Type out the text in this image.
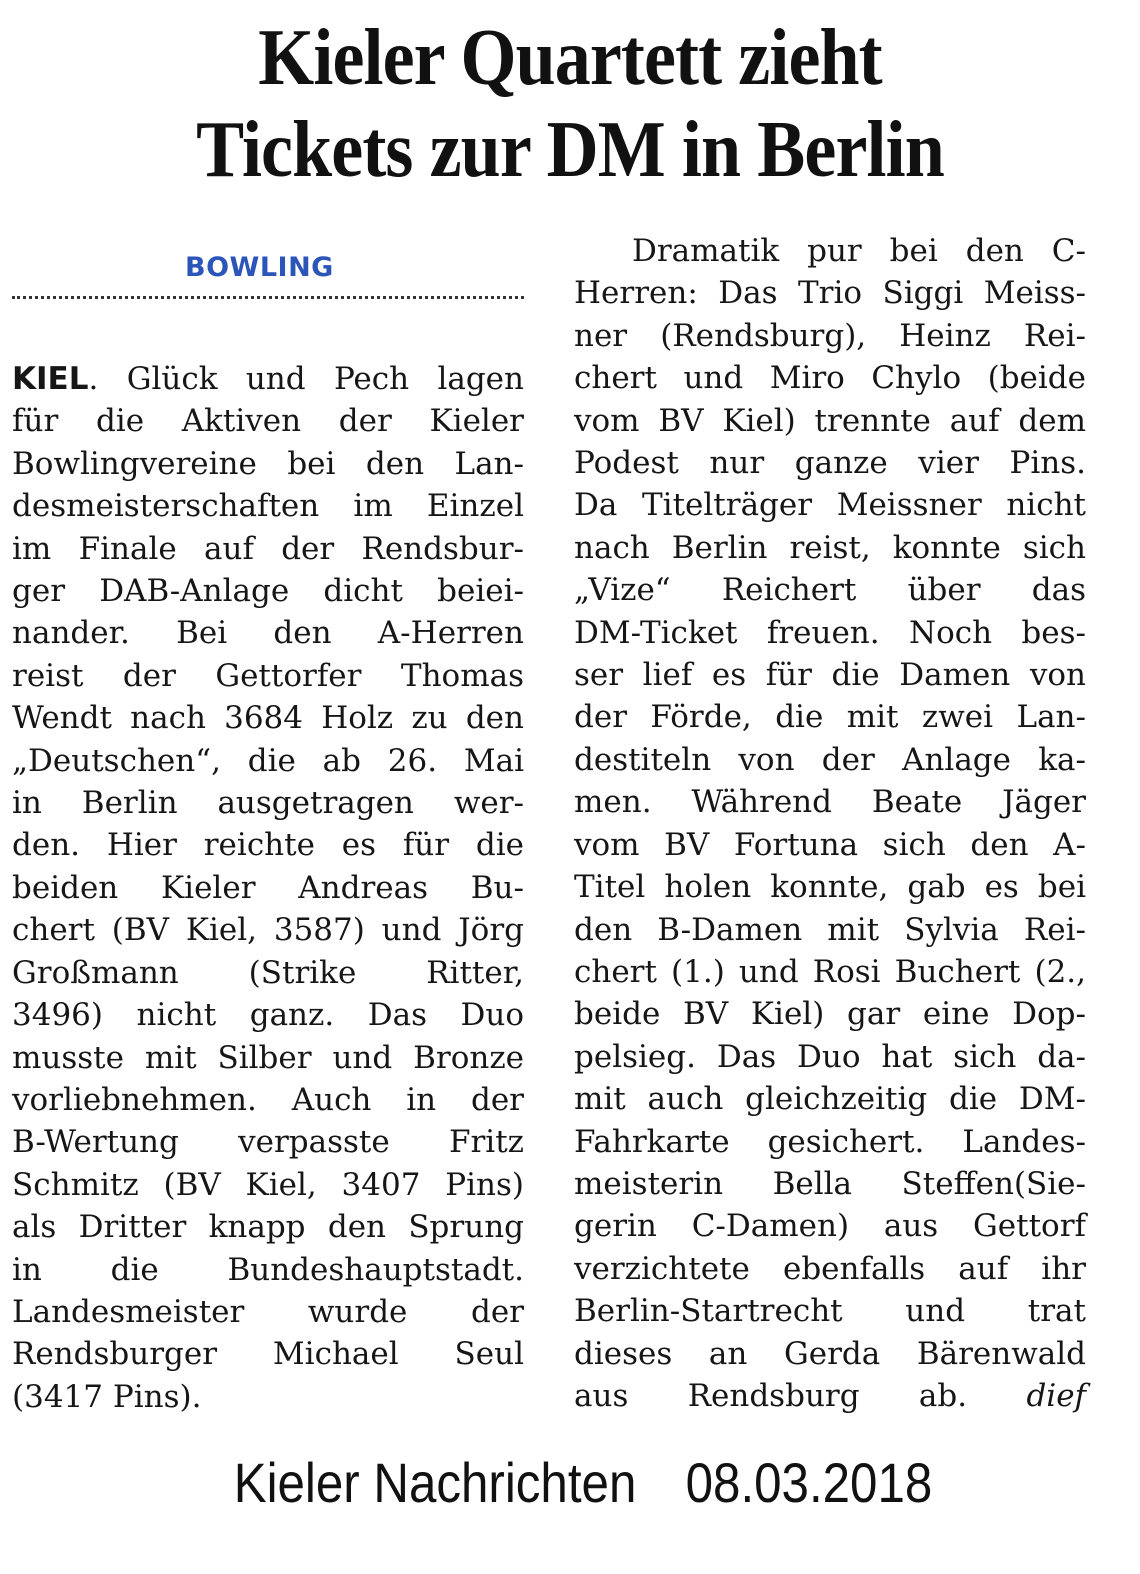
Kieler Quartett zieht
Tickets zur DM in Berlin
BOWLING
KIEL. Glück und Pech lagen
für die Aktiven der Kieler
Bowlingvereine bei den Lan-
desmeisterschaften im Einzel
im Finale auf der Rendsbur-
ger DAB-Anlage dicht beiei-
nander. Bei den A-Herren
reist der Gettorfer Thomas
Wendt nach 3684 Holz zu den
„Deutschen“, die ab 26. Mai
in Berlin ausgetragen wer-
den. Hier reichte es für die
beiden Kieler Andreas Bu-
chert (BV Kiel, 3587) und Jörg
Großmann (Strike Ritter,
3496) nicht ganz. Das Duo
musste mit Silber und Bronze
vorliebnehmen. Auch in der
B-Wertung verpasste Fritz
Schmitz (BV Kiel, 3407 Pins)
als Dritter knapp den Sprung
in die Bundeshauptstadt.
Landesmeister wurde der
Rendsburger Michael Seul
(3417 Pins).
Dramatik pur bei den C-
Herren: Das Trio Siggi Meiss-
ner (Rendsburg), Heinz Rei-
chert und Miro Chylo (beide
vom BV Kiel) trennte auf dem
Podest nur ganze vier Pins.
Da Titelträger Meissner nicht
nach Berlin reist, konnte sich
„Vize“ Reichert über das
DM-Ticket freuen. Noch bes-
ser lief es für die Damen von
der Förde, die mit zwei Lan-
destiteln von der Anlage ka-
men. Während Beate Jäger
vom BV Fortuna sich den A-
Titel holen konnte, gab es bei
den B-Damen mit Sylvia Rei-
chert (1.) und Rosi Buchert (2.,
beide BV Kiel) gar eine Dop-
pelsieg. Das Duo hat sich da-
mit auch gleichzeitig die DM-
Fahrkarte gesichert. Landes-
meisterin Bella Steffen(Sie-
gerin C-Damen) aus Gettorf
verzichtete ebenfalls auf ihr
Berlin-Startrecht und trat
dieses an Gerda Bärenwald
aus Rendsburg ab. dief
Kieler Nachrichten 08.03.2018
